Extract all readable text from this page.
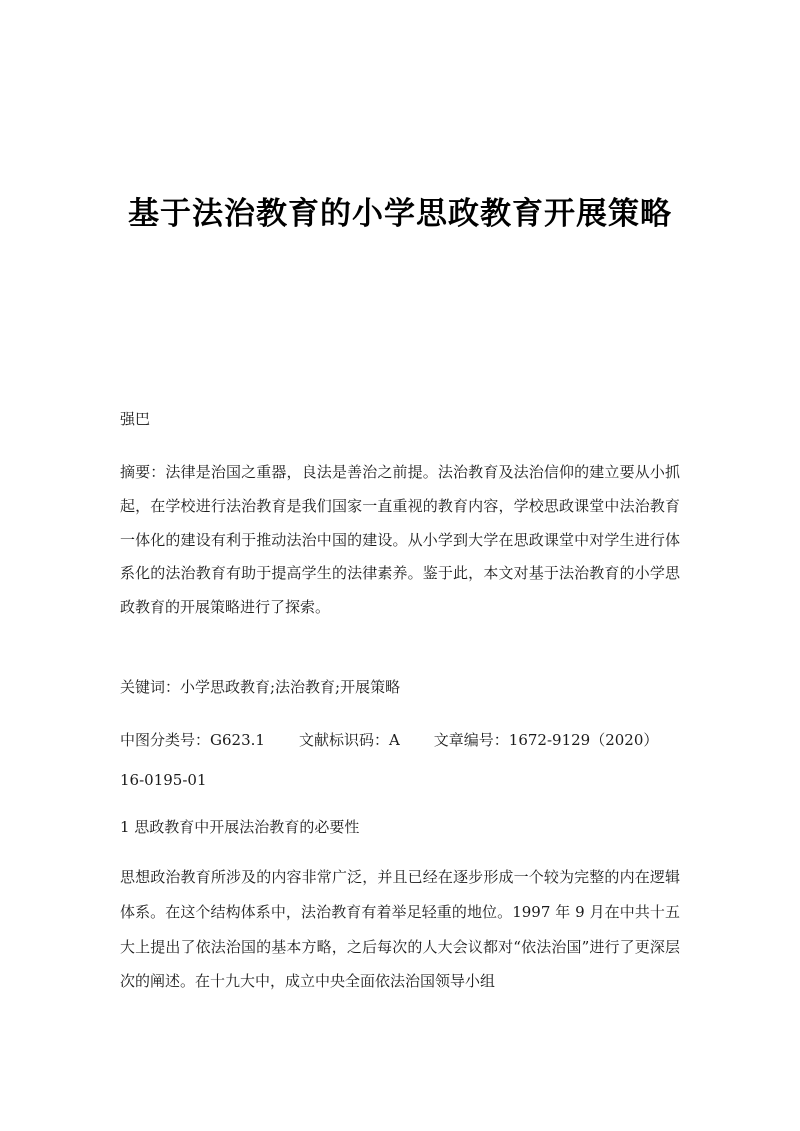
基于法治教育的小学思政教育开展策略
强巴

摘要：法律是治国之重器，良法是善治之前提。法治教育及法治信仰的建立要从小抓起，在学校进行法治教育是我们国家一直重视的教育内容，学校思政课堂中法治教育一体化的建设有利于推动法治中国的建设。从小学到大学在思政课堂中对学生进行体系化的法治教育有助于提高学生的法律素养。鉴于此，本文对基于法治教育的小学思政教育的开展策略进行了探索。

关键词：小学思政教育;法治教育;开展策略

中图分类号：G623.1 文献标识码：A 文章编号：1672-9129（2020）16-0195-01

1 思政教育中开展法治教育的必要性

思想政治教育所涉及的内容非常广泛，并且已经在逐步形成一个较为完整的内在逻辑体系。在这个结构体系中，法治教育有着举足轻重的地位。1997 年 9 月在中共十五大上提出了依法治国的基本方略，之后每次的人大会议都对“依法治国”进行了更深层次的阐述。在十九大中，成立中央全面依法治国领导小组
